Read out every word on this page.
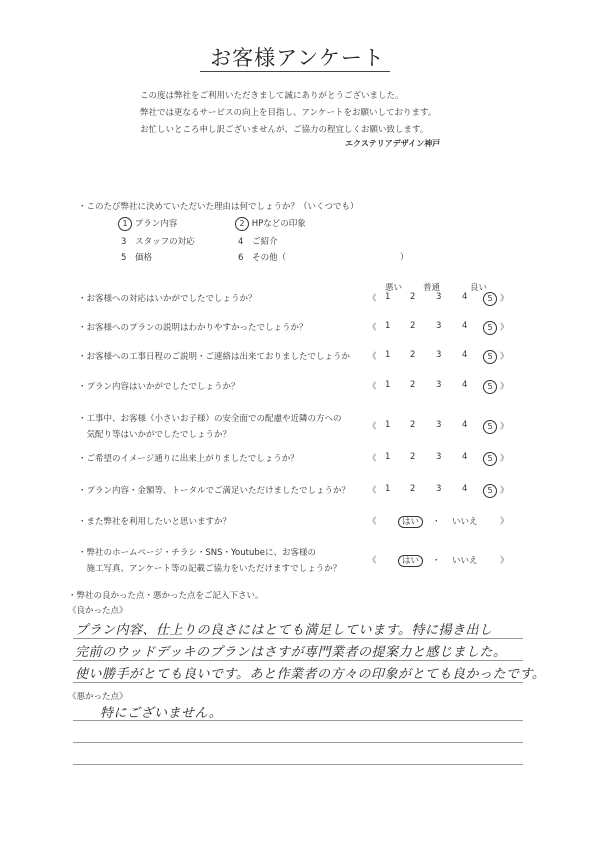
お客様アンケート
この度は弊社をご利用いただきまして誠にありがとうございました。
弊社では更なるサービスの向上を目指し、アンケートをお願いしております。
お忙しいところ申し訳ございませんが、ご協力の程宜しくお願い致します。
エクステリアデザイン神戸
・このたび弊社に決めていただいた理由は何でしょうか？（いくつでも）
1 プラン内容	2 HPなどの印象
3 スタッフの対応	4 ご紹介
5 価格	6 その他（	）
悪い 普通	良い
・弊社の良かった点・悪かった点をご記入下さい。
《良かった点》
プラン内容、仕上りの良さにはとても満足しています。特に揚き出し
完前のウッドデッキのプランはさすが専門業者の提案力と感じました。
使い勝手がとても良いです。あと作業者の方々の印象がとても良かったです。
《悪かった点》
特にございません。
・お客様への対応はいかがでしたでしょうか？	《 1 2 3 4	5 》
・お客様へのプランの説明はわかりやすかったでしょうか？	《 1 2 3 4	5 》
・お客様への工事日程のご説明・ご連絡は出来ておりましたでしょうか 《 1 2 3 4	5 》
・プラン内容はいかがでしたでしょうか？	《 1 2 3 4	5 》
・工事中、お客様（小さいお子様）の安全面での配慮や近隣の方への
　気配り等はいかがでしたでしょうか？
《 1 2 3 4	5 》
・ご希望のイメージ通りに出来上がりましたでしょうか？	《 1 2 3 4	5 》
・プラン内容・金額等、トータルでご満足いただけましたでしょうか？ 《 1 2 3 4	5 》
・また弊社を利用したいと思いますか？	《	はい	・ いいえ	》
・弊社のホームページ・チラシ・SNS・Youtubeに、お客様の
　施工写真、アンケート等の記載ご協力をいただけますでしょうか？
《	はい	・ いいえ	》
